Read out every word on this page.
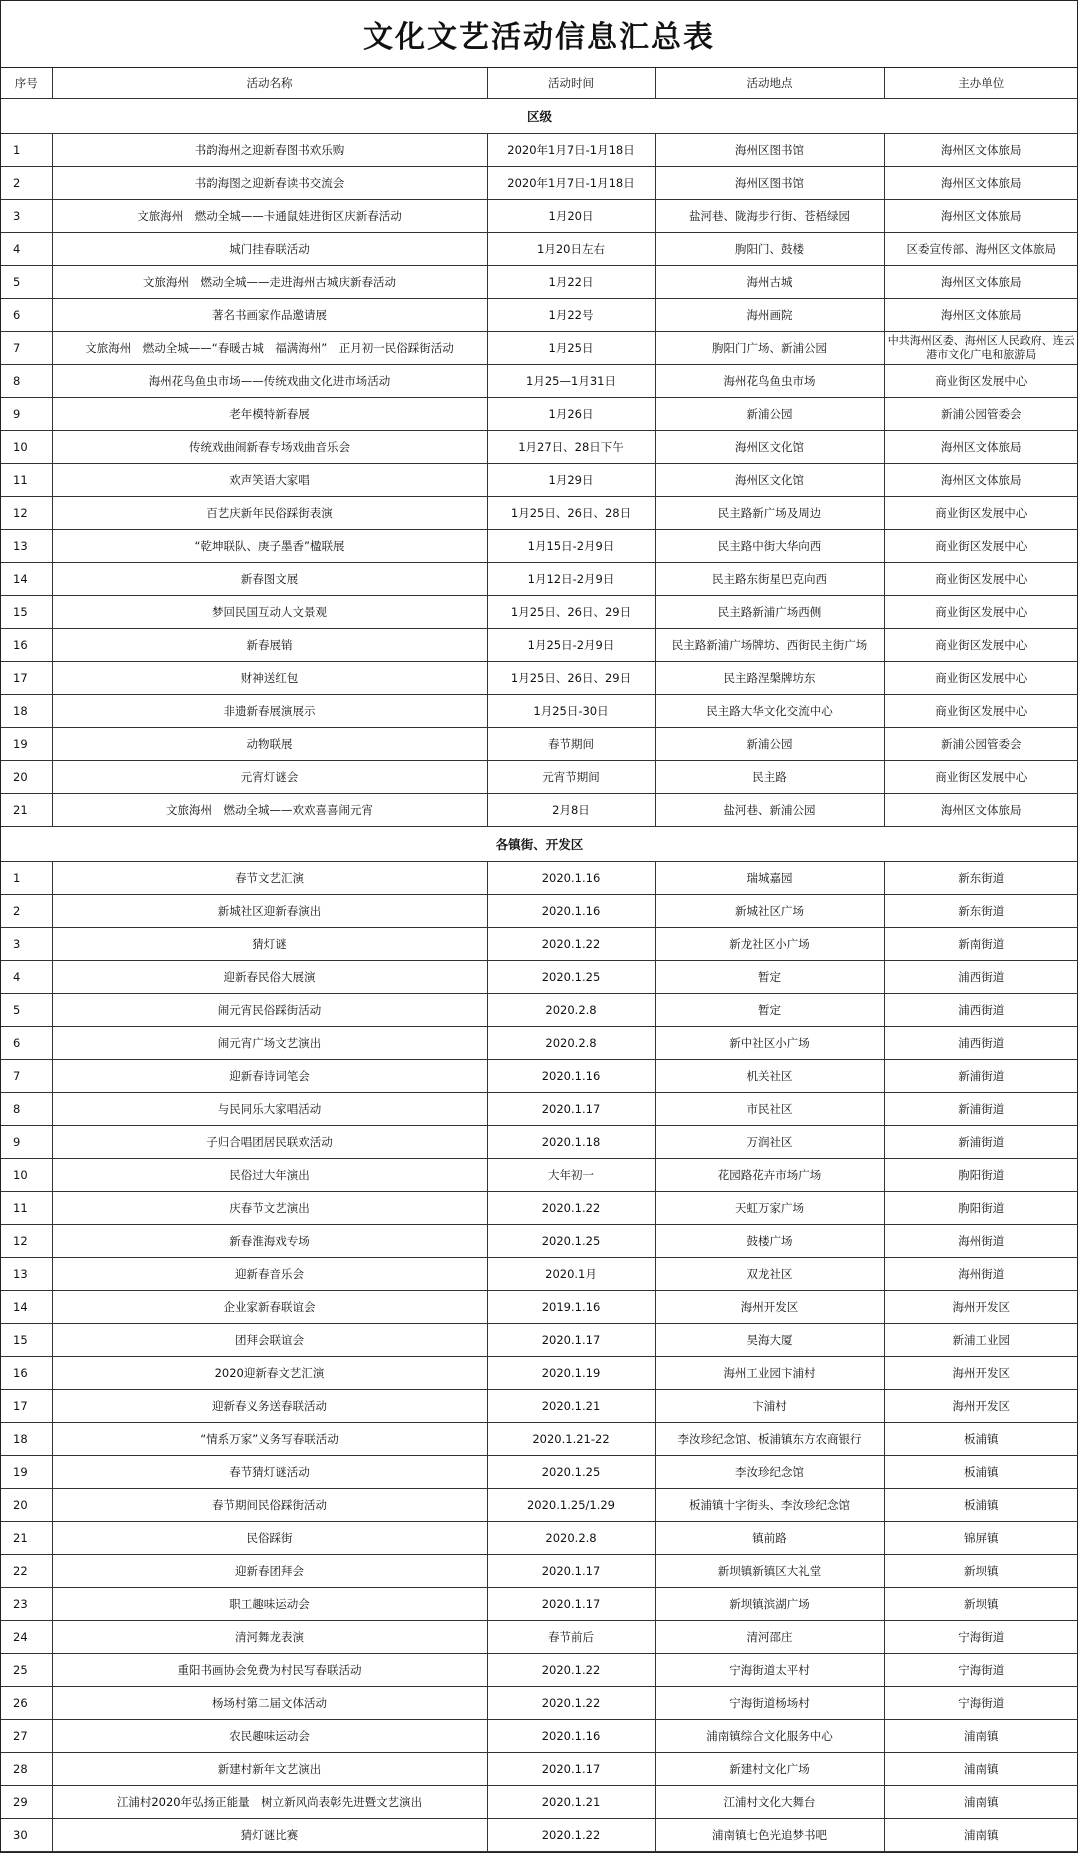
文化文艺活动信息汇总表
序号	活动名称	活动时间	活动地点	主办单位
区级				
1	书韵海州之迎新春图书欢乐购	2020年1月7日-1月18日	海州区图书馆	海州区文体旅局
2	书韵海图之迎新春读书交流会	2020年1月7日-1月18日	海州区图书馆	海州区文体旅局
3	文旅海州　燃动全城——卡通鼠娃进街区庆新春活动	1月20日	盐河巷、陇海步行街、苍梧绿园	海州区文体旅局
4	城门挂春联活动	1月20日左右	朐阳门、鼓楼	区委宣传部、海州区文体旅局
5	文旅海州　燃动全城——走进海州古城庆新春活动	1月22日	海州古城	海州区文体旅局
6	著名书画家作品邀请展	1月22号	海州画院	海州区文体旅局
7	文旅海州　燃动全城——“春暖古城　福满海州”　正月初一民俗踩街活动	1月25日	朐阳门广场、新浦公园	中共海州区委、海州区人民政府、连云港市文化广电和旅游局
8	海州花鸟鱼虫市场——传统戏曲文化进市场活动	1月25—1月31日	海州花鸟鱼虫市场	商业街区发展中心
9	老年模特新春展	1月26日	新浦公园	新浦公园管委会
10	传统戏曲闹新春专场戏曲音乐会	1月27日、28日下午	海州区文化馆	海州区文体旅局
11	欢声笑语大家唱	1月29日	海州区文化馆	海州区文体旅局
12	百艺庆新年民俗踩街表演	1月25日、26日、28日	民主路新广场及周边	商业街区发展中心
13	“乾坤联队、庚子墨香”楹联展	1月15日-2月9日	民主路中街大华向西	商业街区发展中心
14	新春图文展	1月12日-2月9日	民主路东街星巴克向西	商业街区发展中心
15	梦回民国互动人文景观	1月25日、26日、29日	民主路新浦广场西侧	商业街区发展中心
16	新春展销	1月25日-2月9日	民主路新浦广场牌坊、西街民主街广场	商业街区发展中心
17	财神送红包	1月25日、26日、29日	民主路涅槃牌坊东	商业街区发展中心
18	非遗新春展演展示	1月25日-30日	民主路大华文化交流中心	商业街区发展中心
19	动物联展	春节期间	新浦公园	新浦公园管委会
20	元宵灯谜会	元宵节期间	民主路	商业街区发展中心
21	文旅海州　燃动全城——欢欢喜喜闹元宵	2月8日	盐河巷、新浦公园	海州区文体旅局
各镇街、开发区				
1	春节文艺汇演	2020.1.16	瑞城嘉园	新东街道
2	新城社区迎新春演出	2020.1.16	新城社区广场	新东街道
3	猜灯谜	2020.1.22	新龙社区小广场	新南街道
4	迎新春民俗大展演	2020.1.25	暂定	浦西街道
5	闹元宵民俗踩街活动	2020.2.8	暂定	浦西街道
6	闹元宵广场文艺演出	2020.2.8	新中社区小广场	浦西街道
7	迎新春诗词笔会	2020.1.16	机关社区	新浦街道
8	与民同乐大家唱活动	2020.1.17	市民社区	新浦街道
9	子归合唱团居民联欢活动	2020.1.18	万润社区	新浦街道
10	民俗过大年演出	大年初一	花园路花卉市场广场	朐阳街道
11	庆春节文艺演出	2020.1.22	天虹万家广场	朐阳街道
12	新春淮海戏专场	2020.1.25	鼓楼广场	海州街道
13	迎新春音乐会	2020.1月	双龙社区	海州街道
14	企业家新春联谊会	2019.1.16	海州开发区	海州开发区
15	团拜会联谊会	2020.1.17	昊海大厦	新浦工业园
16	2020迎新春文艺汇演	2020.1.19	海州工业园卞浦村	海州开发区
17	迎新春义务送春联活动	2020.1.21	卞浦村	海州开发区
18	“情系万家”义务写春联活动	2020.1.21-22	李汝珍纪念馆、板浦镇东方农商银行	板浦镇
19	春节猜灯谜活动	2020.1.25	李汝珍纪念馆	板浦镇
20	春节期间民俗踩街活动	2020.1.25/1.29	板浦镇十字街头、李汝珍纪念馆	板浦镇
21	民俗踩街	2020.2.8	镇前路	锦屏镇
22	迎新春团拜会	2020.1.17	新坝镇新镇区大礼堂	新坝镇
23	职工趣味运动会	2020.1.17	新坝镇滨湖广场	新坝镇
24	清河舞龙表演	春节前后	清河邵庄	宁海街道
25	重阳书画协会免费为村民写春联活动	2020.1.22	宁海街道太平村	宁海街道
26	杨场村第二届文体活动	2020.1.22	宁海街道杨场村	宁海街道
27	农民趣味运动会	2020.1.16	浦南镇综合文化服务中心	浦南镇
28	新建村新年文艺演出	2020.1.17	新建村文化广场	浦南镇
29	江浦村2020年弘扬正能量　树立新风尚表彰先进暨文艺演出	2020.1.21	江浦村文化大舞台	浦南镇
30	猜灯谜比赛	2020.1.22	浦南镇七色光追梦书吧	浦南镇
